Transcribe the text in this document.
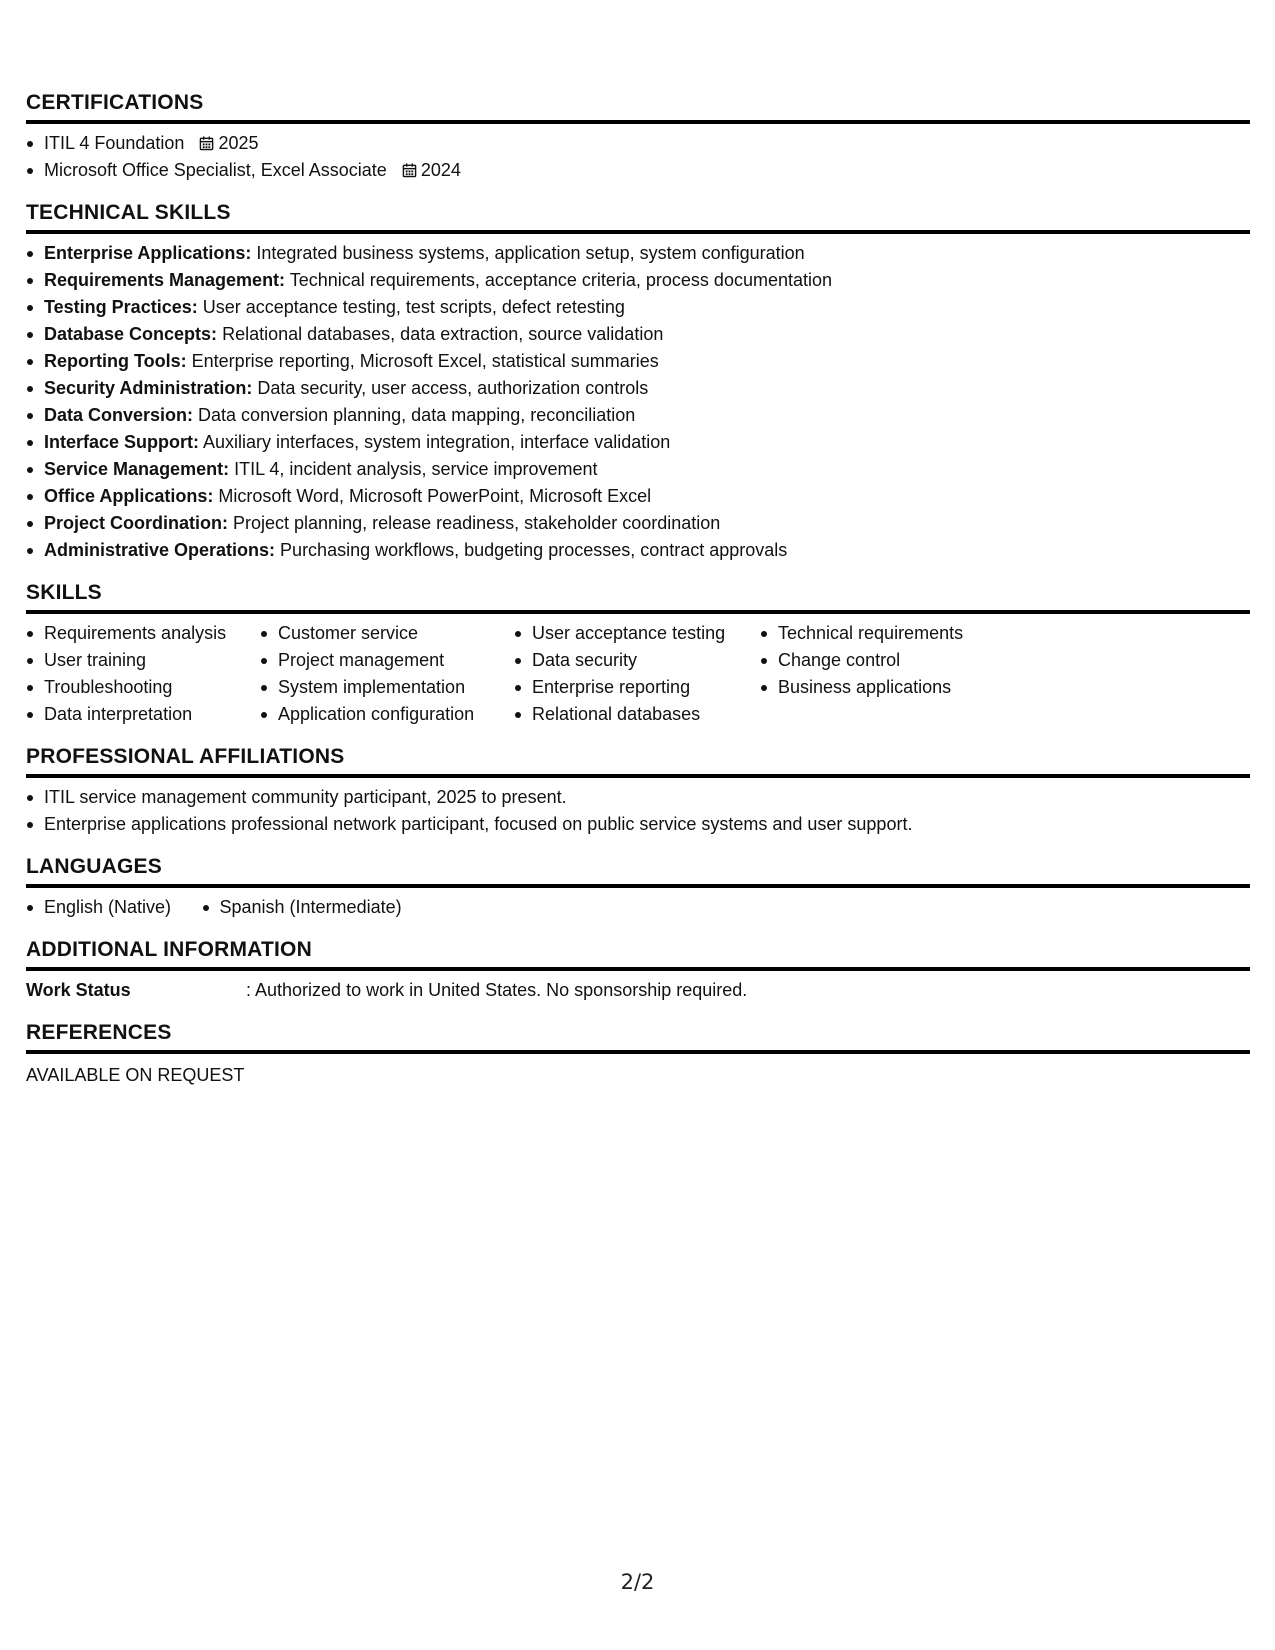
CERTIFICATIONS
ITIL 4 Foundation 2025
Microsoft Office Specialist, Excel Associate 2024
TECHNICAL SKILLS
Enterprise Applications: Integrated business systems, application setup, system configuration
Requirements Management: Technical requirements, acceptance criteria, process documentation
Testing Practices: User acceptance testing, test scripts, defect retesting
Database Concepts: Relational databases, data extraction, source validation
Reporting Tools: Enterprise reporting, Microsoft Excel, statistical summaries
Security Administration: Data security, user access, authorization controls
Data Conversion: Data conversion planning, data mapping, reconciliation
Interface Support: Auxiliary interfaces, system integration, interface validation
Service Management: ITIL 4, incident analysis, service improvement
Office Applications: Microsoft Word, Microsoft PowerPoint, Microsoft Excel
Project Coordination: Project planning, release readiness, stakeholder coordination
Administrative Operations: Purchasing workflows, budgeting processes, contract approvals
SKILLS
Requirements analysis
User training
Troubleshooting
Data interpretation
Customer service
Project management
System implementation
Application configuration
User acceptance testing
Data security
Enterprise reporting
Relational databases
Technical requirements
Change control
Business applications
PROFESSIONAL AFFILIATIONS
ITIL service management community participant, 2025 to present.
Enterprise applications professional network participant, focused on public service systems and user support.
LANGUAGES
English (Native)	Spanish (Intermediate)
ADDITIONAL INFORMATION
Work Status	: Authorized to work in United States. No sponsorship required.
REFERENCES
AVAILABLE ON REQUEST
2/2
